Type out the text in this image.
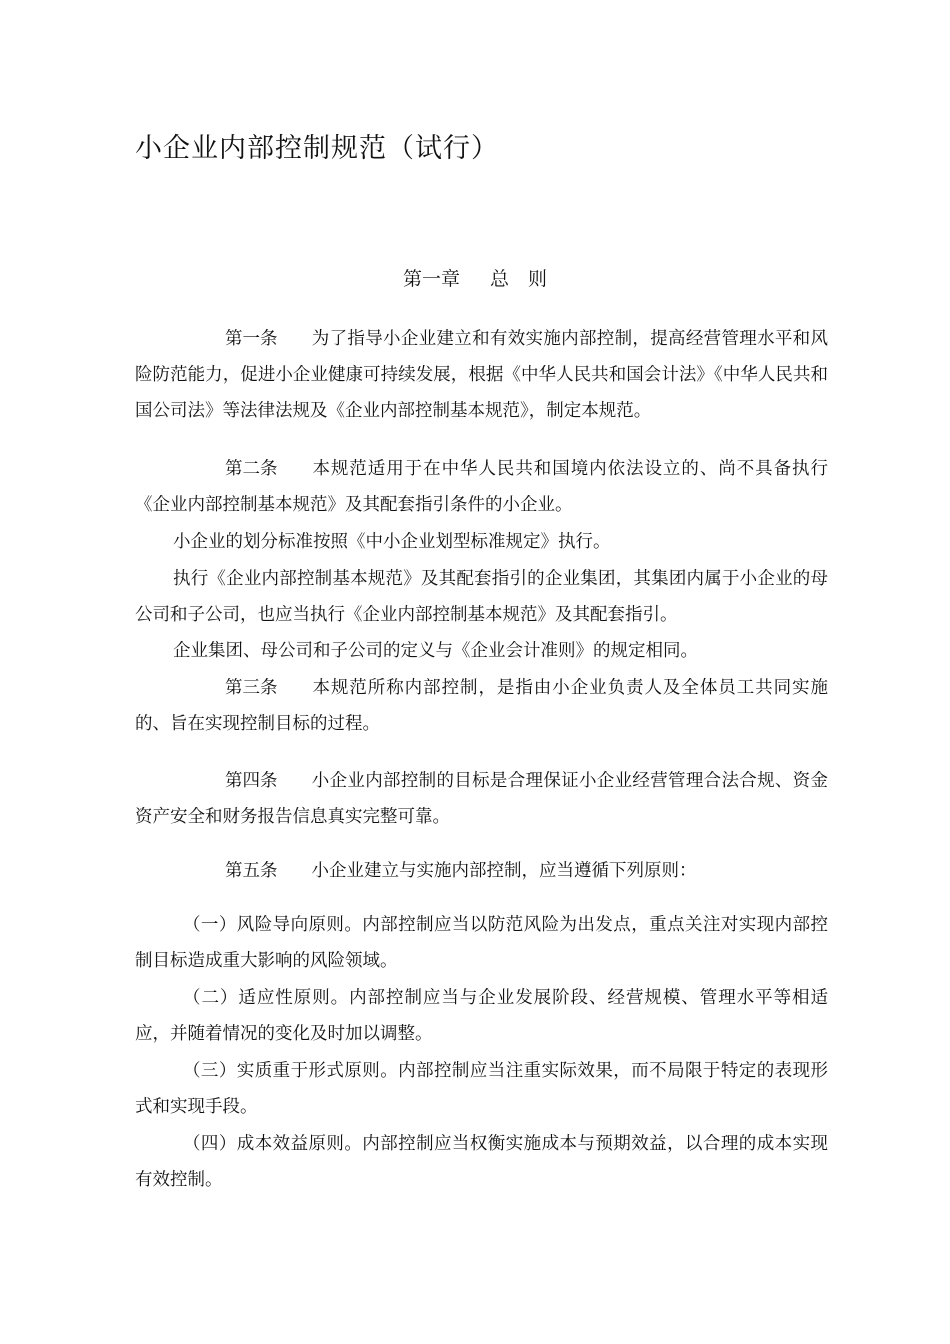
小企业内部控制规范（试行）
第一章 总　则

第一条 为了指导小企业建立和有效实施内部控制，提高经营管理水平和风险防范能力，促进小企业健康可持续发展，根据《中华人民共和国会计法》《中华人民共和国公司法》等法律法规及《企业内部控制基本规范》，制定本规范。

第二条 本规范适用于在中华人民共和国境内依法设立的、尚不具备执行《企业内部控制基本规范》及其配套指引条件的小企业。

小企业的划分标准按照《中小企业划型标准规定》执行。

执行《企业内部控制基本规范》及其配套指引的企业集团，其集团内属于小企业的母公司和子公司，也应当执行《企业内部控制基本规范》及其配套指引。

企业集团、母公司和子公司的定义与《企业会计准则》的规定相同。

第三条 本规范所称内部控制，是指由小企业负责人及全体员工共同实施的、旨在实现控制目标的过程。

第四条 小企业内部控制的目标是合理保证小企业经营管理合法合规、资金资产安全和财务报告信息真实完整可靠。

第五条 小企业建立与实施内部控制，应当遵循下列原则：

（一）风险导向原则。内部控制应当以防范风险为出发点，重点关注对实现内部控制目标造成重大影响的风险领域。

（二）适应性原则。内部控制应当与企业发展阶段、经营规模、管理水平等相适应，并随着情况的变化及时加以调整。

（三）实质重于形式原则。内部控制应当注重实际效果，而不局限于特定的表现形式和实现手段。

（四）成本效益原则。内部控制应当权衡实施成本与预期效益，以合理的成本实现有效控制。
